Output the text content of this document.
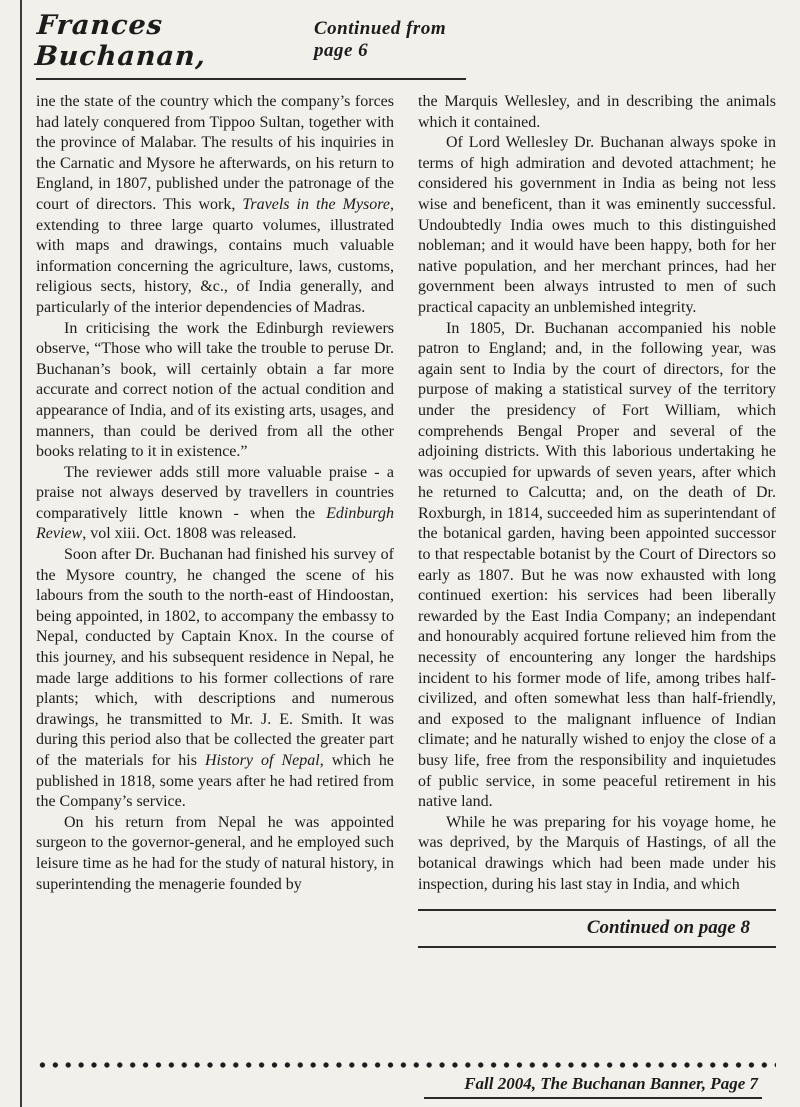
Frances Buchanan,
Continued from page 6

ine the state of the country which the company’s forces had lately conquered from Tippoo Sultan, together with the province of Malabar. The results of his inquiries in the Carnatic and Mysore he afterwards, on his return to England, in 1807, published under the patronage of the court of directors. This work, Travels in the Mysore, extending to three large quarto volumes, illustrated with maps and drawings, contains much valuable information concerning the agriculture, laws, customs, religious sects, history, &c., of India generally, and particularly of the interior dependencies of Madras.

In criticising the work the Edinburgh reviewers observe, “Those who will take the trouble to peruse Dr. Buchanan’s book, will certainly obtain a far more accurate and correct notion of the actual condition and appearance of India, and of its existing arts, usages, and manners, than could be derived from all the other books relating to it in existence.”

The reviewer adds still more valuable praise - a praise not always deserved by travellers in countries comparatively little known - when the Edinburgh Review, vol xiii. Oct. 1808 was released.

Soon after Dr. Buchanan had finished his survey of the Mysore country, he changed the scene of his labours from the south to the north-east of Hindoostan, being appointed, in 1802, to accompany the embassy to Nepal, conducted by Captain Knox. In the course of this journey, and his subsequent residence in Nepal, he made large additions to his former collections of rare plants; which, with descriptions and numerous drawings, he transmitted to Mr. J. E. Smith. It was during this period also that be collected the greater part of the materials for his History of Nepal, which he published in 1818, some years after he had retired from the Company’s service.

On his return from Nepal he was appointed surgeon to the governor-general, and he employed such leisure time as he had for the study of natural history, in superintending the menagerie founded by

the Marquis Wellesley, and in describing the animals which it contained.

Of Lord Wellesley Dr. Buchanan always spoke in terms of high admiration and devoted attachment; he considered his government in India as being not less wise and beneficent, than it was eminently successful. Undoubtedly India owes much to this distinguished nobleman; and it would have been happy, both for her native population, and her merchant princes, had her government been always intrusted to men of such practical capacity an unblemished integrity.

In 1805, Dr. Buchanan accompanied his noble patron to England; and, in the following year, was again sent to India by the court of directors, for the purpose of making a statistical survey of the territory under the presidency of Fort William, which comprehends Bengal Proper and several of the adjoining districts. With this laborious undertaking he was occupied for upwards of seven years, after which he returned to Calcutta; and, on the death of Dr. Roxburgh, in 1814, succeeded him as superintendant of the botanical garden, having been appointed successor to that respectable botanist by the Court of Directors so early as 1807. But he was now exhausted with long continued exertion: his services had been liberally rewarded by the East India Company; an independant and honourably acquired fortune relieved him from the necessity of encountering any longer the hardships incident to his former mode of life, among tribes half-civilized, and often somewhat less than half-friendly, and exposed to the malignant influence of Indian climate; and he naturally wished to enjoy the close of a busy life, free from the responsibility and inquietudes of public service, in some peaceful retirement in his native land.

While he was preparing for his voyage home, he was deprived, by the Marquis of Hastings, of all the botanical drawings which had been made under his inspection, during his last stay in India, and which

Continued on page 8
Fall 2004, The Buchanan Banner, Page 7
